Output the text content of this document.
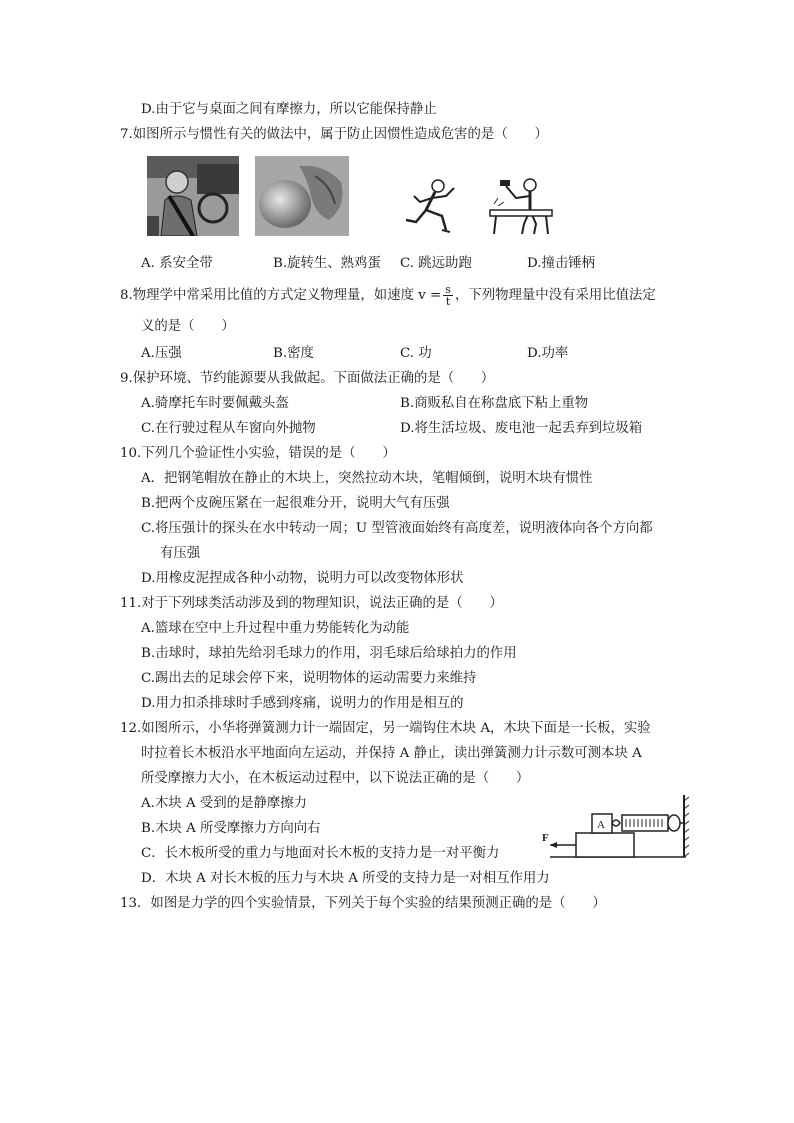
D.由于它与桌面之间有摩擦力，所以它能保持静止
7.如图所示与惯性有关的做法中，属于防止因惯性造成危害的是（　　）
A. 系安全带	B.旋转生、熟鸡蛋 C. 跳远助跑	D.撞击锤柄
8.物理学中常采用比值的方式定义物理量，如速度 $v = \frac{s}{t}$ ，下列物理量中没有采用比值法定
义的是（　　）
A.压强	B.密度	C. 功	D.功率
9.保护环境、节约能源要从我做起。下面做法正确的是（　　）
A.骑摩托车时要佩戴头盔	B.商贩私自在称盘底下粘上重物
C.在行驶过程从车窗向外抛物	D.将生活垃圾、废电池一起丢弃到垃圾箱
10.下列几个验证性小实验，错误的是（　　）
A．把钢笔帽放在静止的木块上，突然拉动木块，笔帽倾倒，说明木块有惯性
B.把两个皮碗压紧在一起很难分开，说明大气有压强
C.将压强计的探头在水中转动一周；U 型管液面始终有高度差，说明液体向各个方向都
有压强
D.用橡皮泥捏成各种小动物，说明力可以改变物体形状
11.对于下列球类活动涉及到的物理知识，说法正确的是（　　）
A.篮球在空中上升过程中重力势能转化为动能
B.击球时，球拍先给羽毛球力的作用，羽毛球后给球拍力的作用
C.踢出去的足球会停下来，说明物体的运动需要力来维持
D.用力扣杀排球时手感到疼痛，说明力的作用是相互的
12.如图所示，小华将弹簧测力计一端固定，另一端钩住木块 A，木块下面是一长板，实验
时拉着长木板沿水平地面向左运动，并保持 A 静止，读出弹簧测力计示数可测本块 A
所受摩擦力大小，在木板运动过程中，以下说法正确的是（　　）
A.木块 A 受到的是静摩擦力
B.木块 A 所受摩擦力方向向右
C．长木板所受的重力与地面对长木板的支持力是一对平衡力
D．木块 A 对长木板的压力与木块 A 所受的支持力是一对相互作用力
A
F
13．如图是力学的四个实验情景，下列关于每个实验的结果预测正确的是（　　）
